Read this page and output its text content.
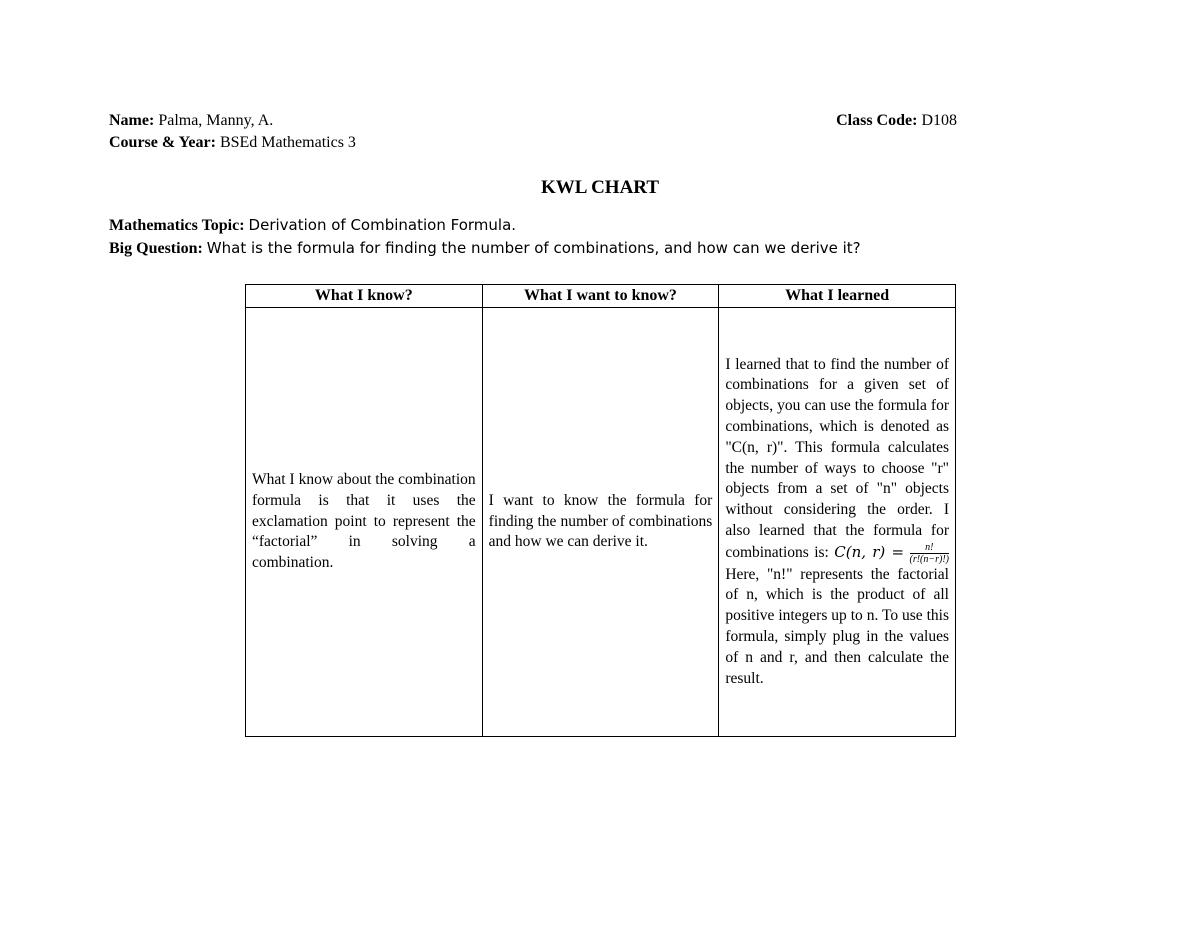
Name: Palma, Manny, A.	Class Code: D108
Course & Year: BSEd Mathematics 3
KWL CHART
Mathematics Topic: Derivation of Combination Formula.
Big Question: What is the formula for finding the number of combinations, and how can we derive it?
What I know?	What I want to know?	What I learned
What I know about the combination formula is that it uses the exclamation point to represent the “factorial” in solving a combination.	I want to know the formula for finding the number of combinations and how we can derive it.	I learned that to find the number of combinations for a given set of objects, you can use the formula for combinations, which is denoted as "C(n, r)". This formula calculates the number of ways to choose "r" objects from a set of "n" objects without considering the order. I also learned that the formula for combinations is: C(n, $r) = \frac{n!}{(r!(n-r)!)}$
Here, "n!" represents the factorial of n, which is the product of all positive integers up to n. To use this formula, simply plug in the values of n and r, and then calculate the result.
